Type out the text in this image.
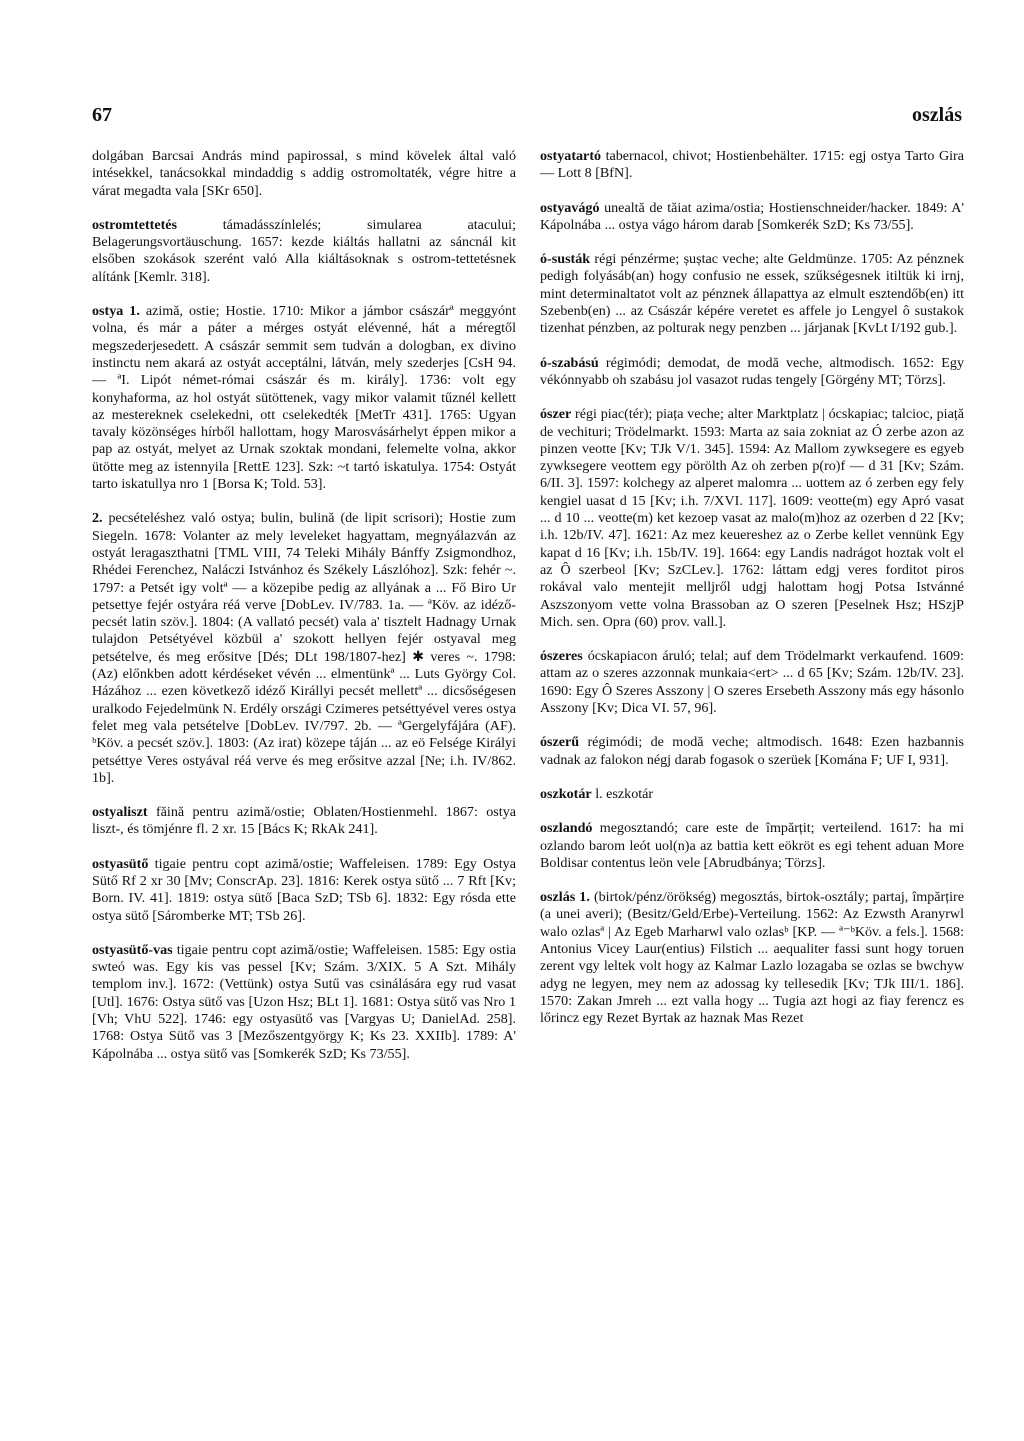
67	oszlás

dolgában Barcsai András mind papirossal, s mind kövelek által való intésekkel, tanácsokkal mindaddig s addig ostromoltaték, végre hitre a várat megadta vala [SKr 650].

ostromtettetés támadásszínlelés; simularea atacului; Belagerungsvortäuschung. 1657: kezde kiáltás hallatni az sáncnál kit elsőben szokások szerént való Alla kiáltásoknak s ostrom-tettetésnek alítánk [Kemlr. 318].

ostya 1. azimă, ostie; Hostie. 1710: Mikor a jámbor császárª meggyónt volna, és már a páter a mérges ostyát elévenné, hát a méregtől megszederjesedett. A császár semmit sem tudván a dologban, ex divino instinctu nem akará az ostyát acceptálni, látván, mely szederjes [CsH 94. — ªI. Lipót német-római császár és m. király]. 1736: volt egy konyhaforma, az hol ostyát sütöttenek, vagy mikor valamit tűznél kellett az mestereknek cselekedni, ott cselekedték [MetTr 431]. 1765: Ugyan tavaly közönséges hírből hallottam, hogy Marosvásárhelyt éppen mikor a pap az ostyát, melyet az Urnak szoktak mondani, felemelte volna, akkor ütötte meg az istennyila [RettE 123]. Szk: ~t tartó iskatulya. 1754: Ostyát tarto iskatullya nro 1 [Borsa K; Told. 53].

2. pecsételéshez való ostya; bulin, bulină (de lipit scrisori); Hostie zum Siegeln. 1678: Volanter az mely leveleket hagyattam, megnyálazván az ostyát leragaszthatni [TML VIII, 74 Teleki Mihály Bánffy Zsigmondhoz, Rhédei Ferenchez, Naláczi Istvánhoz és Székely Lászlóhoz]. Szk: fehér ~. 1797: a Petsét igy voltª — a közepibe pedig az allyának a ... Fő Biro Ur petsettye fejér ostyára réá verve [DobLev. IV/783. 1a. — ªKöv. az idéző-pecsét latin szöv.]. 1804: (A vallató pecsét) vala a' tisztelt Hadnagy Urnak tulajdon Petsétyével közbül a' szokott hellyen fejér ostyaval meg petsételve, és meg erősitve [Dés; DLt 198/1807-hez] ✱ veres ~. 1798: (Az) előnkben adott kérdéseket vévén ... elmentünkª ... Luts György Col. Házához ... ezen következő idéző Királlyi pecsét mellettª ... dicsőségesen uralkodo Fejedelmünk N. Erdély országi Czimeres petséttyével veres ostya felet meg vala petsételve [DobLev. IV/797. 2b. — ªGergelyfájára (AF). ᵇKöv. a pecsét szöv.]. 1803: (Az irat) közepe táján ... az eö Felsége Királyi petséttye Veres ostyával réá verve és meg erősitve azzal [Ne; i.h. IV/862. 1b].

ostyaliszt făină pentru azimă/ostie; Oblaten/Hostienmehl. 1867: ostya liszt-, és tömjénre fl. 2 xr. 15 [Bács K; RkAk 241].

ostyasütő tigaie pentru copt azimă/ostie; Waffeleisen. 1789: Egy Ostya Sütő Rf 2 xr 30 [Mv; ConscrAp. 23]. 1816: Kerek ostya sütő ... 7 Rft [Kv; Born. IV. 41]. 1819: ostya sütő [Baca SzD; TSb 6]. 1832: Egy rósda ette ostya sütő [Sáromberke MT; TSb 26].

ostyasütő-vas tigaie pentru copt azimă/ostie; Waffeleisen. 1585: Egy ostia swteó was. Egy kis vas pessel [Kv; Szám. 3/XIX. 5 A Szt. Mihály templom inv.]. 1672: (Vettünk) ostya Sutű vas csinálására egy rud vasat [Utl]. 1676: Ostya sütő vas [Uzon Hsz; BLt 1]. 1681: Ostya sütő vas Nro 1 [Vh; VhU 522]. 1746: egy ostyasütő vas [Vargyas U; DanielAd. 258]. 1768: Ostya Sütő vas 3 [Mezőszentgyörgy K; Ks 23. XXIIb]. 1789: A' Kápolnába ... ostya sütő vas [Somkerék SzD; Ks 73/55].

ostyatartó tabernacol, chivot; Hostienbehälter. 1715: egj ostya Tarto Gira — Lott 8 [BfN].

ostyavágó unealtă de tăiat azima/ostia; Hostienschneider/hacker. 1849: A' Kápolnába ... ostya vágo három darab [Somkerék SzD; Ks 73/55].

ó-susták régi pénzérme; șuștac veche; alte Geldmünze. 1705: Az pénznek pedigh folyásáb(an) hogy confusio ne essek, szűkségesnek itiltük ki irnj, mint determinaltatot volt az pénznek állapattya az elmult esztendőb(en) itt Szebenb(en) ... az Császár képére veretet es affele jo Lengyel ô sustakok tizenhat pénzben, az polturak negy penzben ... járjanak [KvLt I/192 gub.].

ó-szabású régimódi; demodat, de modă veche, altmodisch. 1652: Egy vékónnyabb oh szabásu jol vasazot rudas tengely [Görgény MT; Törzs].

ószer régi piac(tér); piața veche; alter Marktplatz | ócskapiac; talcioc, piață de vechituri; Trödelmarkt. 1593: Marta az saia zokniat az Ó zerbe azon az pinzen veotte [Kv; TJk V/1. 345]. 1594: Az Mallom zywksegere es egyeb zywksegere veottem egy pörölth Az oh zerben p(ro)f — d 31 [Kv; Szám. 6/II. 3]. 1597: kolchegy az alperet malomra ... uottem az ó zerben egy fely kengiel uasat d 15 [Kv; i.h. 7/XVI. 117]. 1609: veotte(m) egy Apró vasat ... d 10 ... veotte(m) ket kezoep vasat az malo(m)hoz az ozerben d 22 [Kv; i.h. 12b/IV. 47]. 1621: Az mez keuereshez az o Zerbe kellet vennünk Egy kapat d 16 [Kv; i.h. 15b/IV. 19]. 1664: egy Landis nadrágot hoztak volt el az Ô szerbeol [Kv; SzCLev.]. 1762: láttam edgj veres forditot piros rokával valo mentejit melljről udgj halottam hogj Potsa Istvánné Aszszonyom vette volna Brassoban az O szeren [Peselnek Hsz; HSzjP Mich. sen. Opra (60) prov. vall.].

ószeres ócskapiacon áruló; telal; auf dem Trödelmarkt verkaufend. 1609: attam az o szeres azzonnak munkaia<ert> ... d 65 [Kv; Szám. 12b/IV. 23]. 1690: Egy Ô Szeres Asszony | O szeres Ersebeth Asszony más egy hásonlo Asszony [Kv; Dica VI. 57, 96].

ószerű régimódi; de modă veche; altmodisch. 1648: Ezen hazbannis vadnak az falokon négj darab fogasok o szerüek [Kománа F; UF I, 931].

oszkotár l. eszkotár

oszlandó megosztandó; care este de împărțit; verteilend. 1617: ha mi ozlando barom leót uol(n)a az battia kett eökröt es egi tehent aduan More Boldisar contentus leön vele [Abrudbánya; Törzs].

oszlás 1. (birtok/pénz/örökség) megosztás, birtok-osztály; partaj, împărțire (a unei averi); (Besitz/Geld/Erbe)-Verteilung. 1562: Az Ezwsth Aranyrwl walo ozlasª | Az Egeb Marharwl valo ozlasᵇ [KP. — ª⁻ᵇKöv. a fels.]. 1568: Antonius Vicey Laur(entius) Filstich ... aequaliter fassi sunt hogy toruen zerent vgy leltek volt hogy az Kalmar Lazlo lozagaba se ozlas se bwchyw adyg ne legyen, mey nem az adossag ky tellesedik [Kv; TJk III/1. 186]. 1570: Zakan Jmreh ... ezt valla hogy ... Tugia azt hogi az fiay ferencz es lőrincz egy Rezet Byrtak az haznak Mas Rezet
